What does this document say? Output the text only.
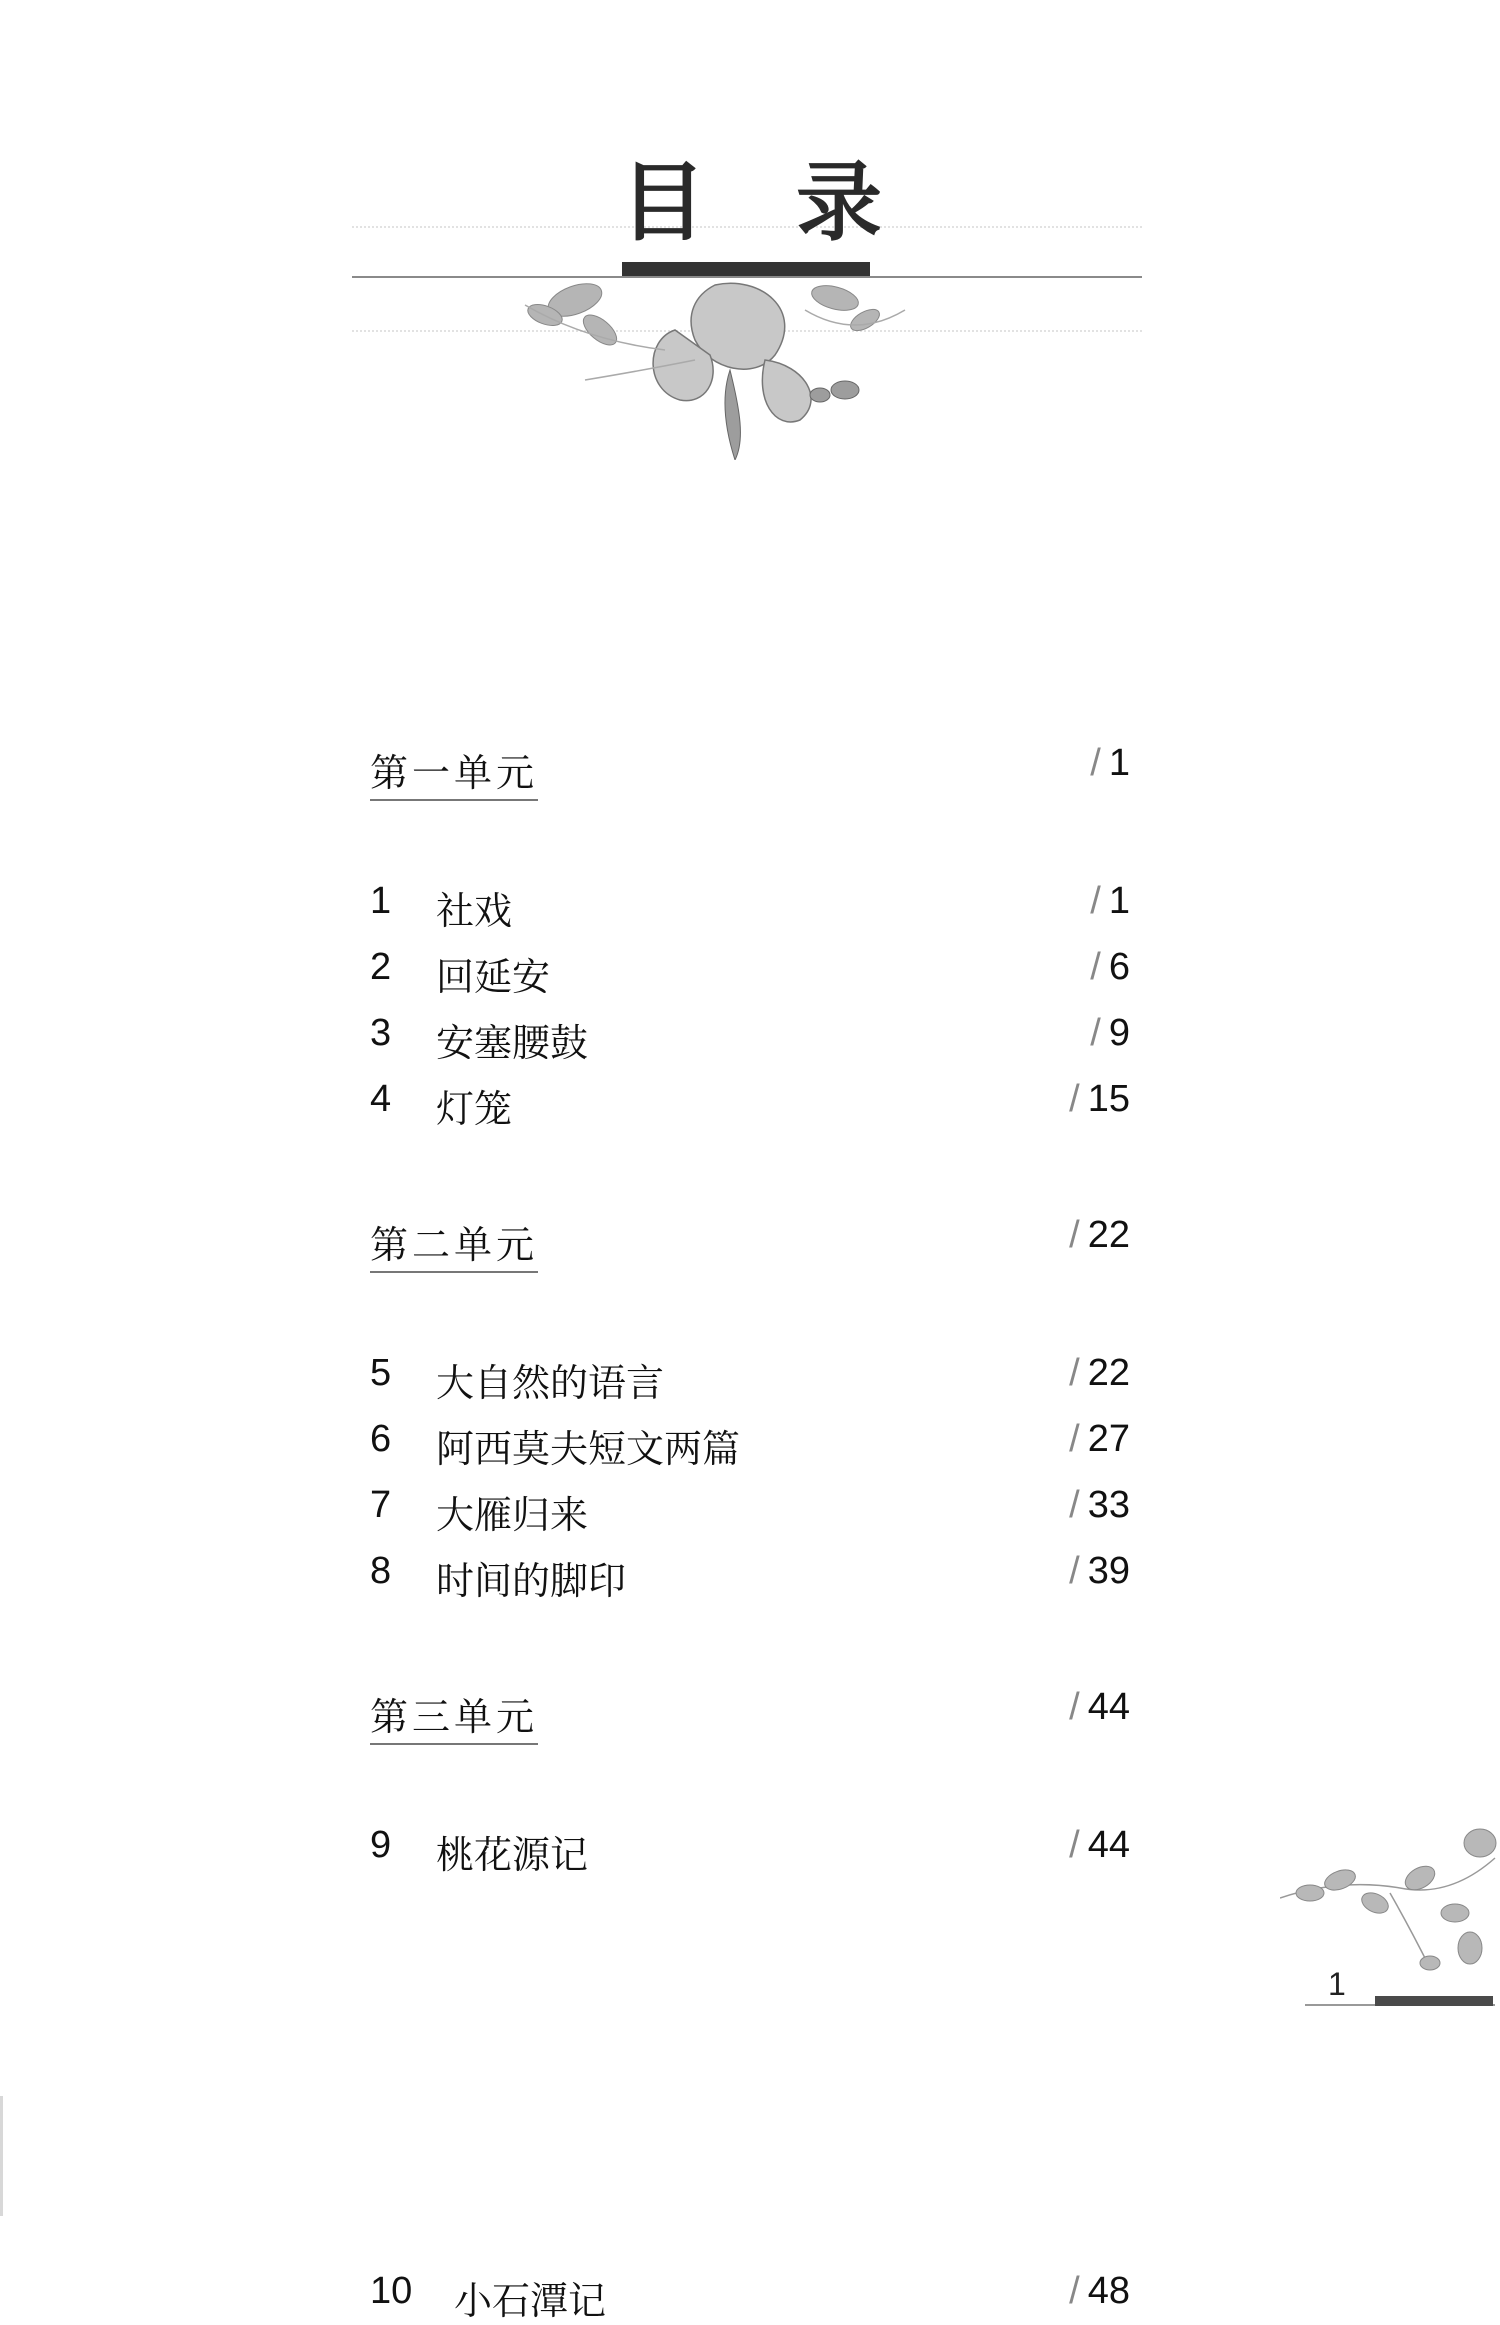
目录
第一单元	/ 1
1 社戏	/ 1
2 回延安	/ 6
3 安塞腰鼓	/ 9
4 灯笼	/ 15
第二单元	/ 22
5 大自然的语言	/ 22
6 阿西莫夫短文两篇	/ 27
7 大雁归来	/ 33
8 时间的脚印	/ 39
第三单元	/ 44
9 桃花源记	/ 44
10 小石潭记	/ 48
1
